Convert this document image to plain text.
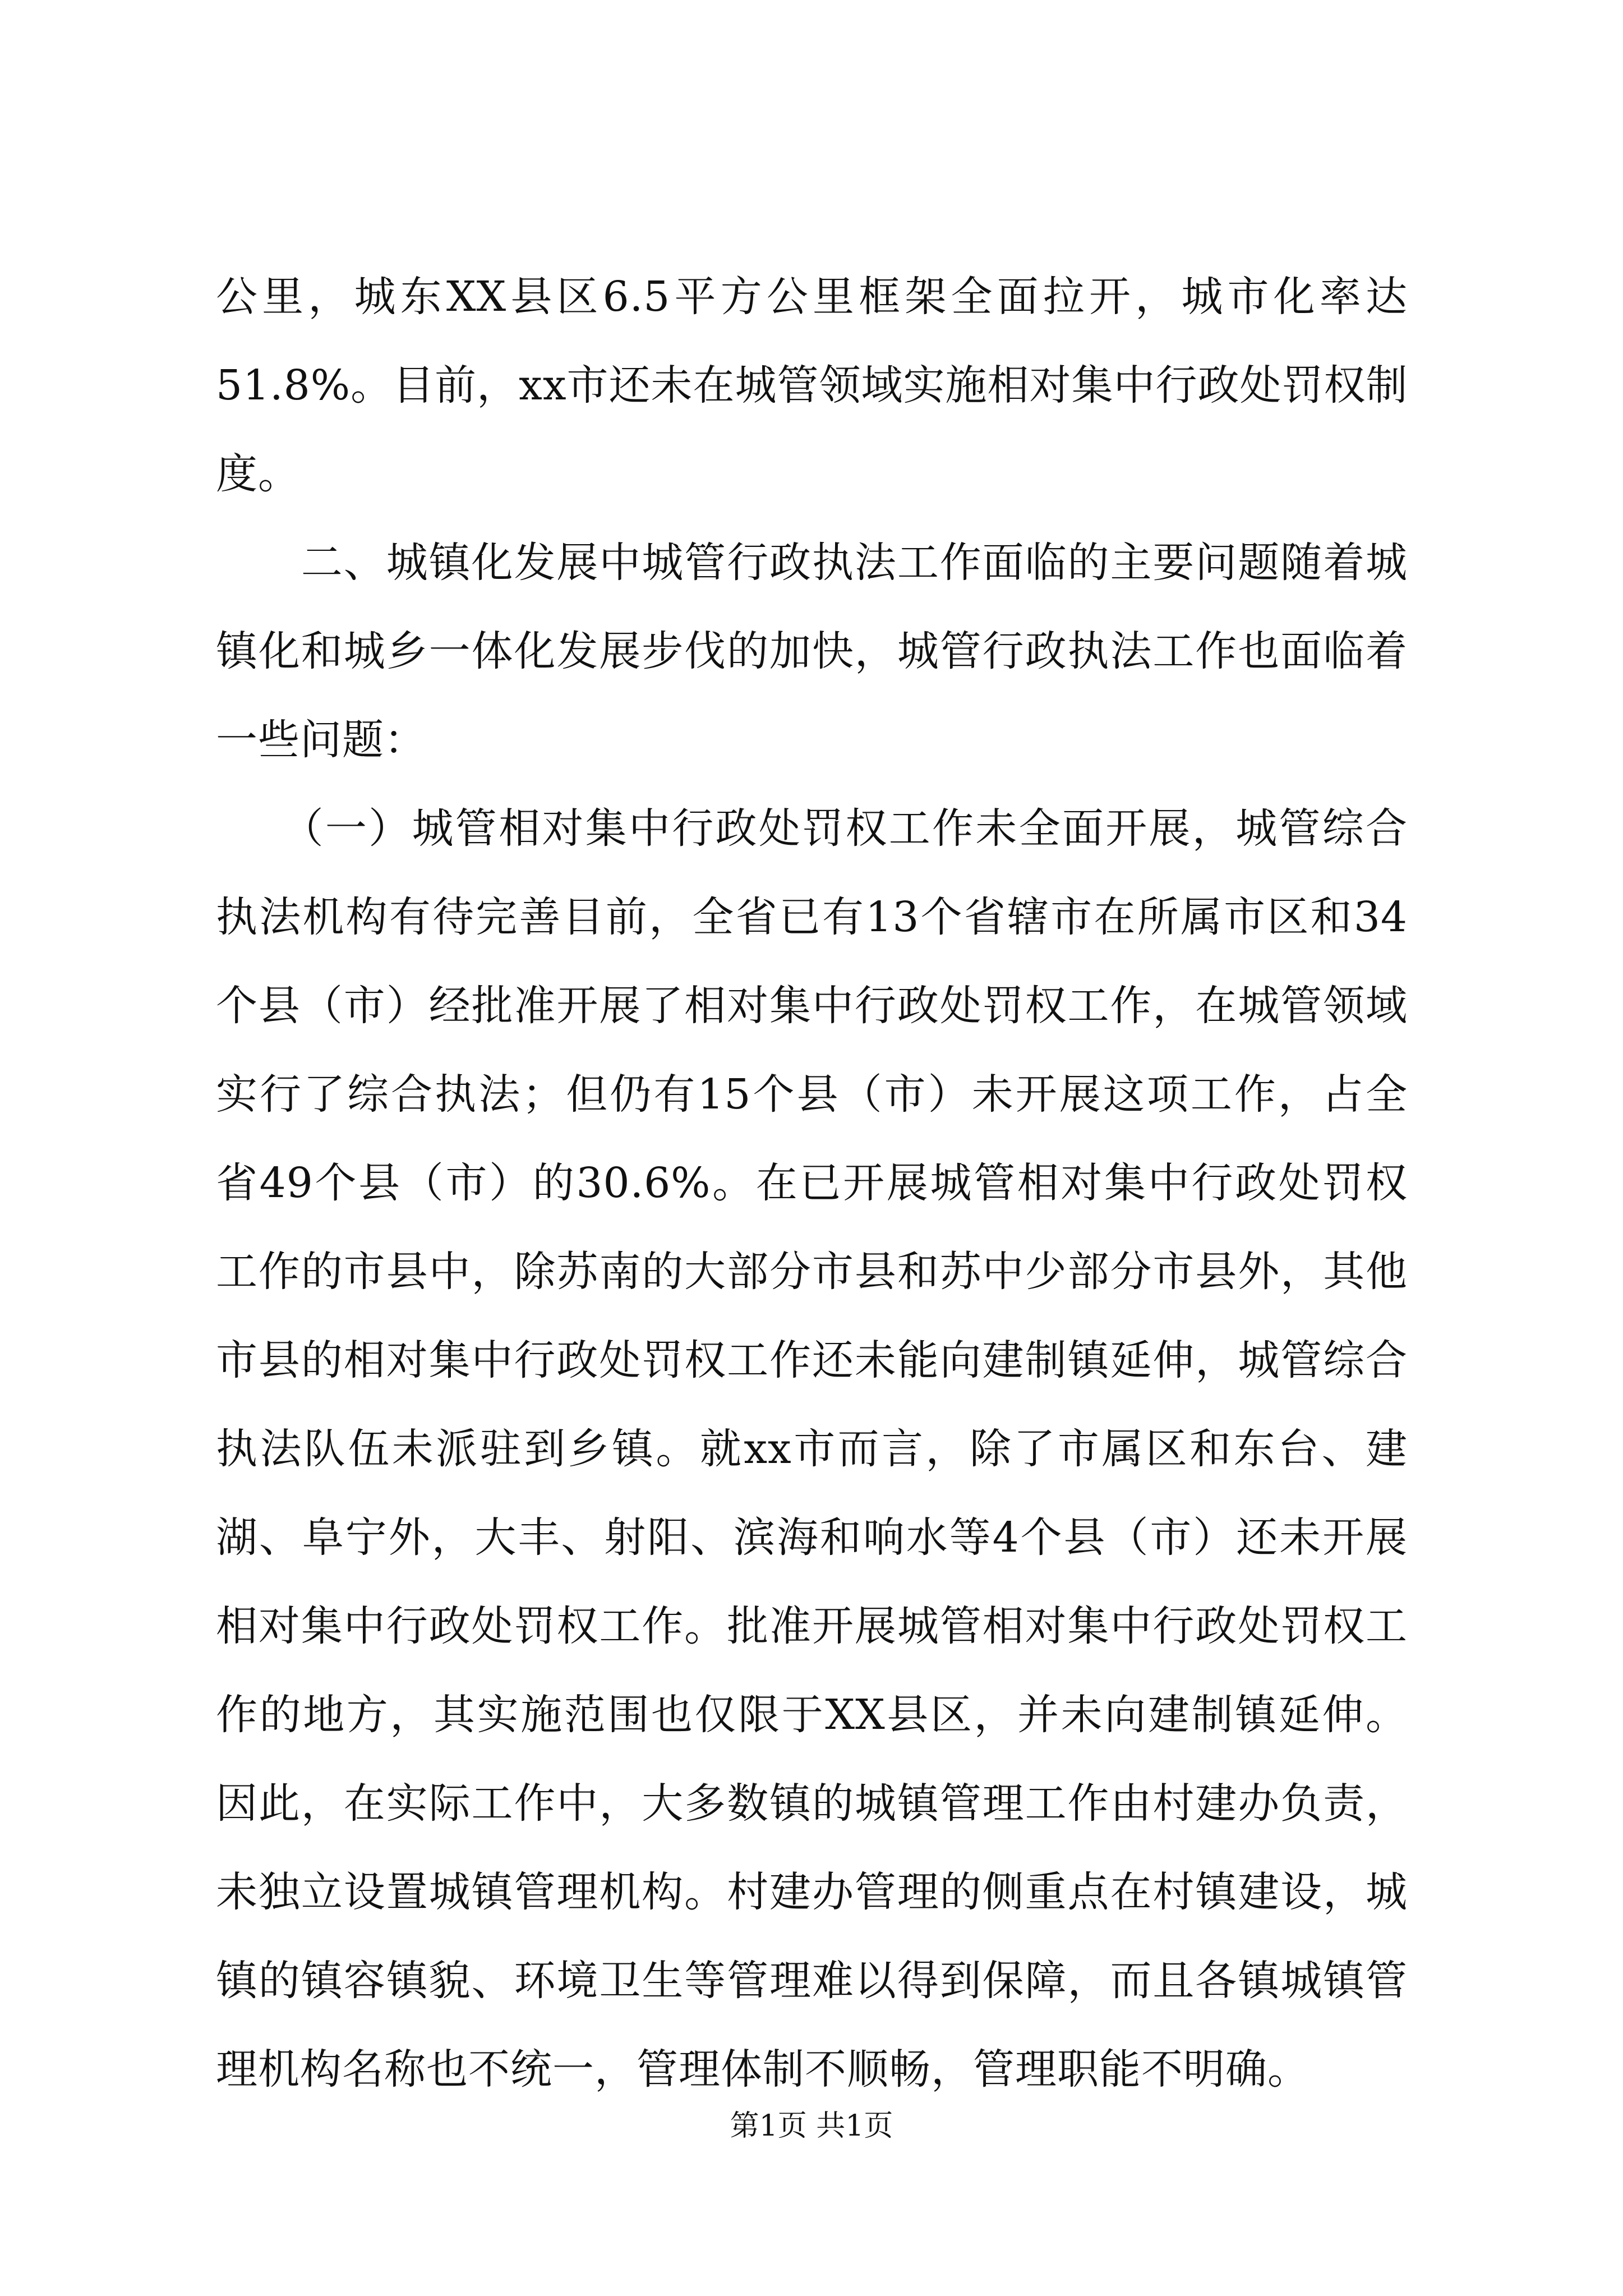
公里，城东XX县区6.5平方公里框架全面拉开，城市化率达
51.8%。目前，xx市还未在城管领域实施相对集中行政处罚权制
度。
　　二、城镇化发展中城管行政执法工作面临的主要问题随着城
镇化和城乡一体化发展步伐的加快，城管行政执法工作也面临着
一些问题：
　　（一）城管相对集中行政处罚权工作未全面开展，城管综合
执法机构有待完善目前，全省已有13个省辖市在所属市区和34
个县（市）经批准开展了相对集中行政处罚权工作，在城管领域
实行了综合执法；但仍有15个县（市）未开展这项工作，占全
省49个县（市）的30.6%。在已开展城管相对集中行政处罚权
工作的市县中，除苏南的大部分市县和苏中少部分市县外，其他
市县的相对集中行政处罚权工作还未能向建制镇延伸，城管综合
执法队伍未派驻到乡镇。就xx市而言，除了市属区和东台、建
湖、阜宁外，大丰、射阳、滨海和响水等4个县（市）还未开展
相对集中行政处罚权工作。批准开展城管相对集中行政处罚权工
作的地方，其实施范围也仅限于XX县区，并未向建制镇延伸。
因此，在实际工作中，大多数镇的城镇管理工作由村建办负责，
未独立设置城镇管理机构。村建办管理的侧重点在村镇建设，城
镇的镇容镇貌、环境卫生等管理难以得到保障，而且各镇城镇管
理机构名称也不统一，管理体制不顺畅，管理职能不明确。
第1页 共1页
